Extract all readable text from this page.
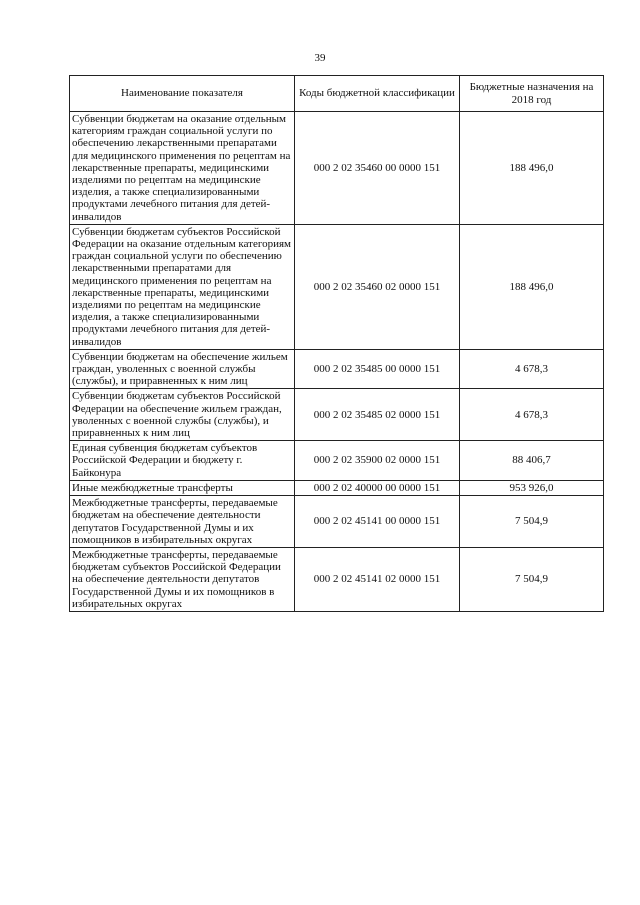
39
Наименование показателя	Коды бюджетной классификации	Бюджетные назначения на 2018 год
Субвенции бюджетам на оказание отдельным категориям граждан социальной услуги по обеспечению лекарственными препаратами для медицинского применения по рецептам на лекарственные препараты, медицинскими изделиями по рецептам на медицинские изделия, а также специализированными продуктами лечебного питания для детей-инвалидов	000 2 02 35460 00 0000 151	188 496,0
Субвенции бюджетам субъектов Российской Федерации на оказание отдельным категориям граждан социальной услуги по обеспечению лекарственными препаратами для медицинского применения по рецептам на лекарственные препараты, медицинскими изделиями по рецептам на медицинские изделия, а также специализированными продуктами лечебного питания для детей-инвалидов	000 2 02 35460 02 0000 151	188 496,0
Субвенции бюджетам на обеспечение жильем граждан, уволенных с военной службы (службы), и приравненных к ним лиц	000 2 02 35485 00 0000 151	4 678,3
Субвенции бюджетам субъектов Российской Федерации на обеспечение жильем граждан, уволенных с военной службы (службы), и приравненных к ним лиц	000 2 02 35485 02 0000 151	4 678,3
Единая субвенция бюджетам субъектов Российской Федерации и бюджету г. Байконура	000 2 02 35900 02 0000 151	88 406,7
Иные межбюджетные трансферты	000 2 02 40000 00 0000 151	953 926,0
Межбюджетные трансферты, передаваемые бюджетам на обеспечение деятельности депутатов Государственной Думы и их помощников в избирательных округах	000 2 02 45141 00 0000 151	7 504,9
Межбюджетные трансферты, передаваемые бюджетам субъектов Российской Федерации на обеспечение деятельности депутатов Государственной Думы и их помощников в избирательных округах	000 2 02 45141 02 0000 151	7 504,9
